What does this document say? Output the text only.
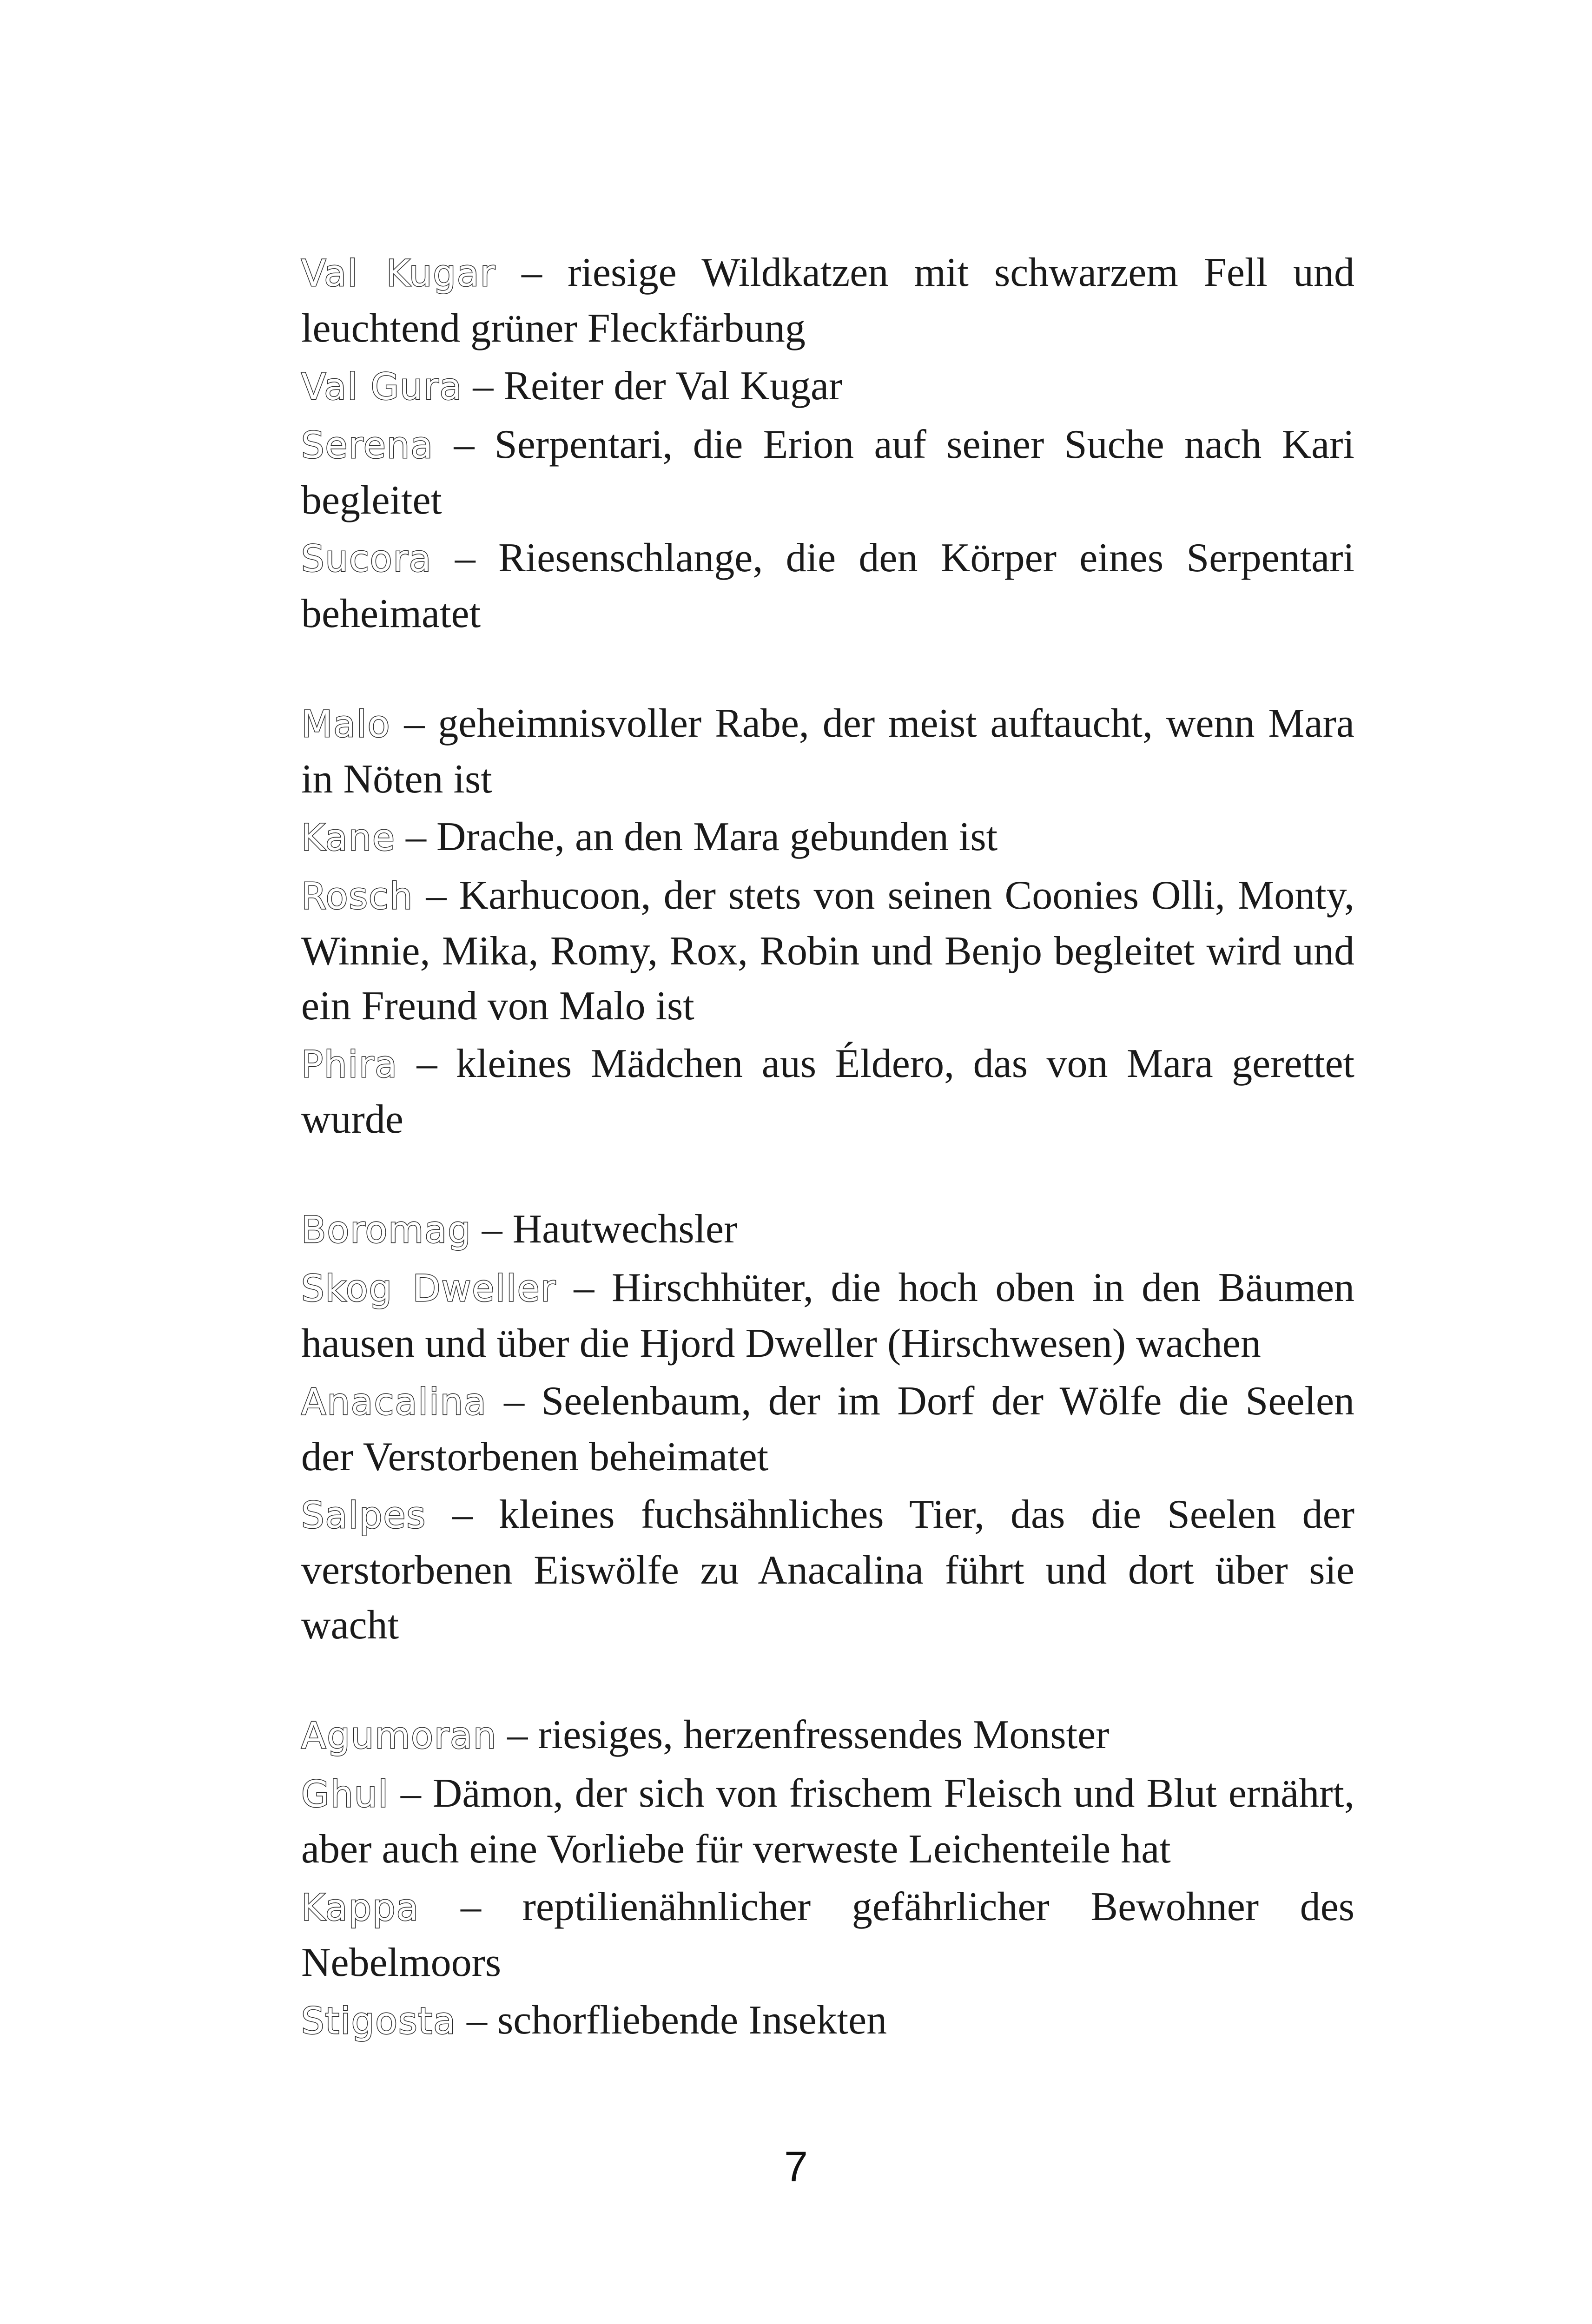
Val Kugar – riesige Wildkatzen mit schwarzem Fell und leuchtend grüner Fleckfärbung

Val Gura – Reiter der Val Kugar

Serena – Serpentari, die Erion auf seiner Suche nach Kari begleitet

Sucora – Riesenschlange, die den Körper eines Serpentari beheimatet

Malo – geheimnisvoller Rabe, der meist auftaucht, wenn Mara in Nöten ist

Kane – Drache, an den Mara gebunden ist

Rosch – Karhucoon, der stets von seinen Coonies Olli, Monty, Winnie, Mika, Romy, Rox, Robin und Benjo begleitet wird und ein Freund von Malo ist

Phira – kleines Mädchen aus Éldero, das von Mara gerettet wurde

Boromag – Hautwechsler

Skog Dweller – Hirschhüter, die hoch oben in den Bäumen hausen und über die Hjord Dweller (Hirschwesen) wachen

Anacalina – Seelenbaum, der im Dorf der Wölfe die Seelen der Verstorbenen beheimatet

Salpes – kleines fuchsähnliches Tier, das die Seelen der verstorbenen Eiswölfe zu Anacalina führt und dort über sie wacht

Agumoran – riesiges, herzenfressendes Monster

Ghul – Dämon, der sich von frischem Fleisch und Blut ernährt, aber auch eine Vorliebe für verweste Leichenteile hat

Kappa – reptilienähnlicher gefährlicher Bewohner des Nebelmoors

Stigosta – schorfliebende Insekten

7
